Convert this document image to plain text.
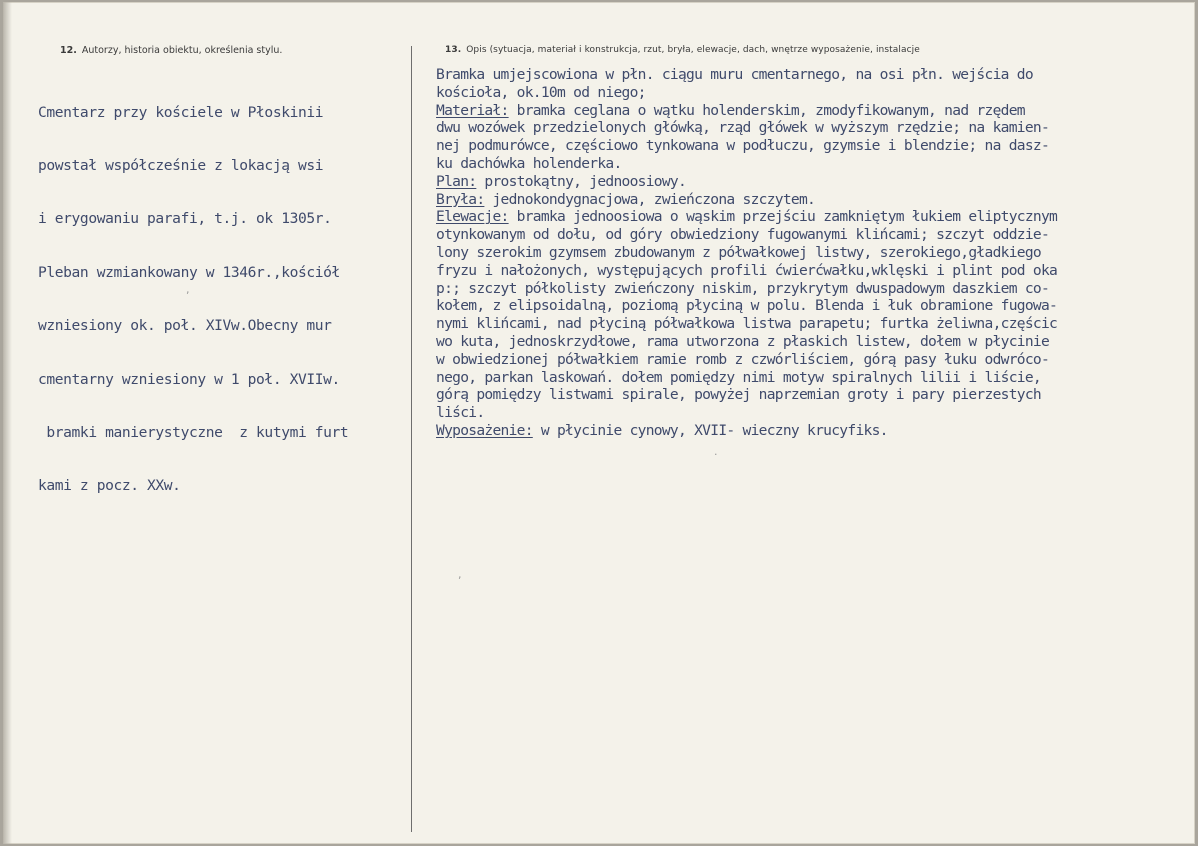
12. Autorzy, historia obiektu, określenia stylu.	13. Opis (sytuacja, materiał i konstrukcja, rzut, bryła, elewacje, dach, wnętrze wyposażenie, instalacje

Cmentarz przy kościele w Płoskinii

powstał współcześnie z lokacją wsi

i erygowaniu parafi, t.j. ok 1305r.

Pleban wzmiankowany w 1346r.,kościół

wzniesiony ok. poł. XIVw.Obecny mur

cmentarny wzniesiony w 1 poł. XVIIw.

bramki manierystyczne  z kutymi furt

kami z pocz. XXw.

Bramka umjejscowiona w płn. ciągu muru cmentarnego, na osi płn. wejścia do
kościoła, ok.10m od niego;
Materiał: bramka ceglana o wątku holenderskim, zmodyfikowanym, nad rzędem
dwu wozówek przedzielonych główką, rząd główek w wyższym rzędzie; na kamien-
nej podmurówce, częściowo tynkowana w podłuczu, gzymsie i blendzie; na dasz-
ku dachówka holenderka.
Plan: prostokątny, jednoosiowy.
Bryła: jednokondygnacjowa, zwieńczona szczytem.
Elewacje: bramka jednoosiowa o wąskim przejściu zamkniętym łukiem eliptycznym
otynkowanym od dołu, od góry obwiedziony fugowanymi klińcami; szczyt oddzie-
lony szerokim gzymsem zbudowanym z półwałkowej listwy, szerokiego,gładkiego
fryzu i nałożonych, występujących profili ćwierćwałku,wklęski i plint pod oka
p:; szczyt półkolisty zwieńczony niskim, przykrytym dwuspadowym daszkiem co-
kołem, z elipsoidalną, poziomą płyciną w polu. Blenda i łuk obramione fugowa-
nymi klińcami, nad płyciną półwałkowa listwa parapetu; furtka żeliwna,częścic
wo kuta, jednoskrzydłowe, rama utworzona z płaskich listew, dołem w płycinie
w obwiedzionej półwałkiem ramie romb z czwórliściem, górą pasy łuku odwróco-
nego, parkan laskowań. dołem pomiędzy nimi motyw spiralnych lilii i liście,
górą pomiędzy listwami spirale, powyżej naprzemian groty i pary pierzestych
liści.
Wyposażenie: w płycinie cynowy, XVII- wieczny krucyfiks.
,
,
·
